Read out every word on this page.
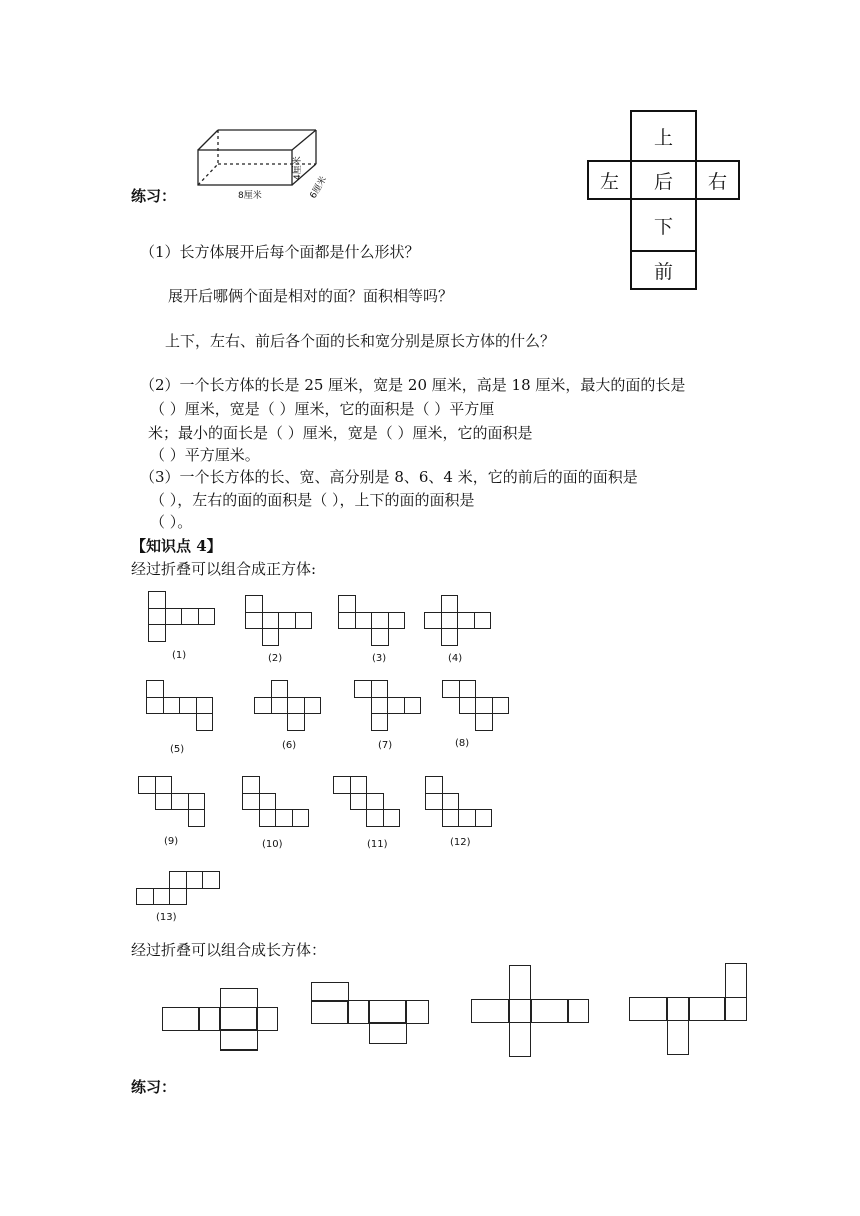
8厘米
4厘米
6厘米
练习：
上
左 后 右
下
前
（1）长方体展开后每个面都是什么形状？
展开后哪俩个面是相对的面？面积相等吗？
上下，左右、前后各个面的长和宽分别是原长方体的什么？
（2）一个长方体的长是 25 厘米，宽是 20 厘米，高是 18 厘米，最大的面的长是
（ ）厘米，宽是（ ）厘米，它的面积是（ ）平方厘
米；最小的面长是（ ）厘米，宽是（ ）厘米，它的面积是
（ ）平方厘米。
（3）一个长方体的长、宽、高分别是 8、6、4 米，它的前后的面的面积是
（ ），左右的面的面积是（ ），上下的面的面积是
（ ）。
【知识点 4】
经过折叠可以组合成正方体:
(1)	(2)	(3)	(4)
(5)	(6)	(7)	(8)
(9)	(10)	(11)	(12)
(13)
经过折叠可以组合成长方体：
练习：
